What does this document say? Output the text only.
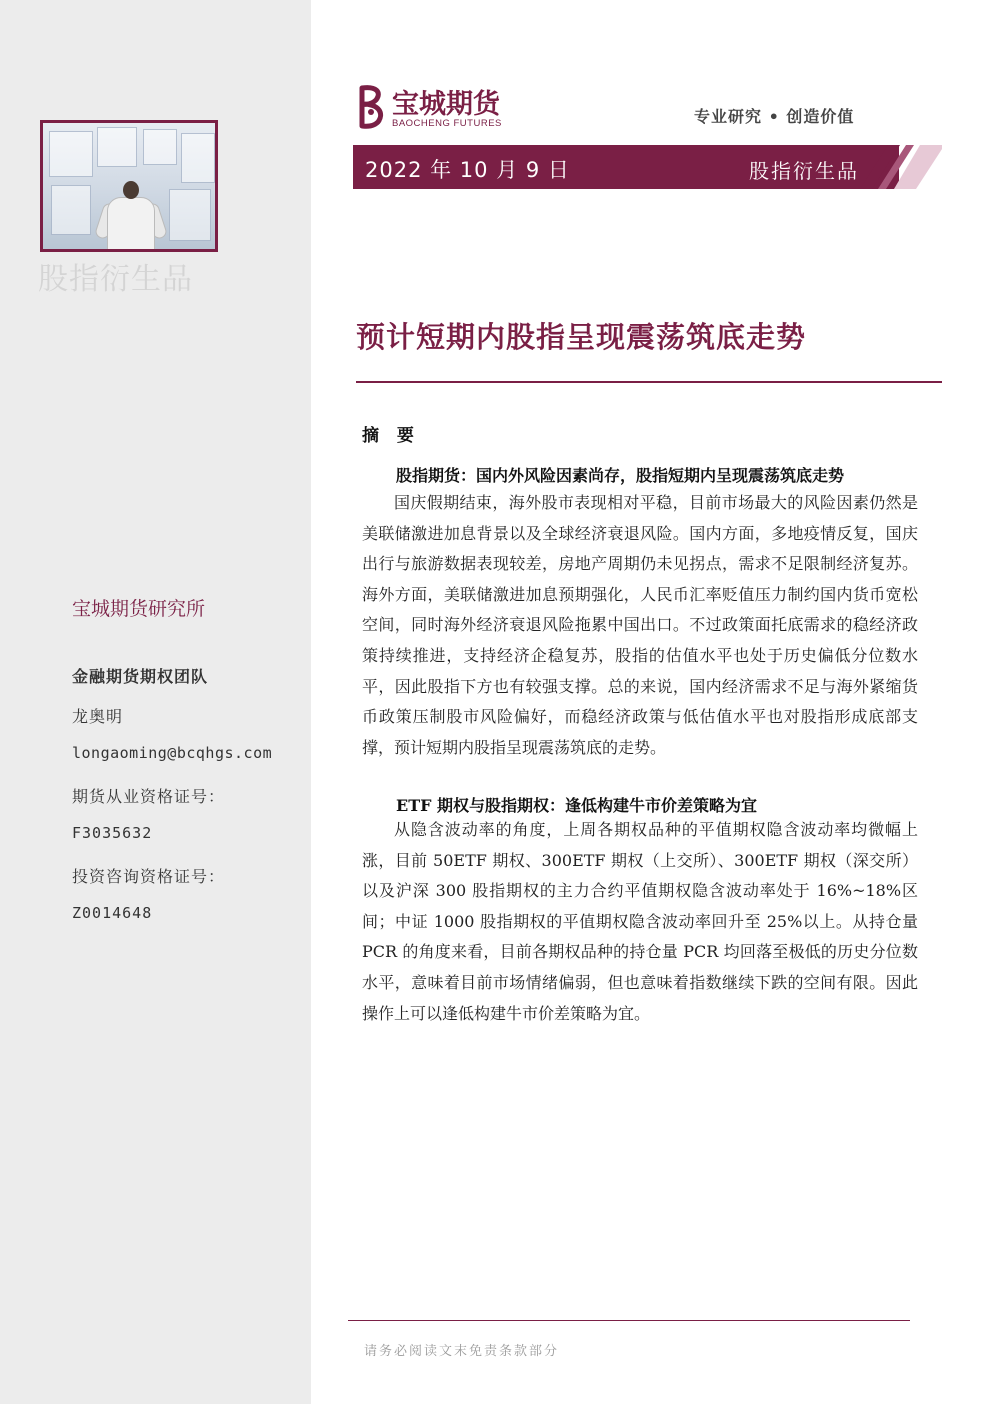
股指衍生品
宝城期货研究所
金融期货期权团队
龙奥明
longaoming@bcqhgs.com
期货从业资格证号：
F3035632
投资咨询资格证号：
Z0014648
宝城期货
BAOCHENG FUTURES	专业研究 • 创造价值
2022 年 10 月 9 日	股指衍生品
预计短期内股指呈现震荡筑底走势
摘 要
股指期货：国内外风险因素尚存，股指短期内呈现震荡筑底走势
国庆假期结束，海外股市表现相对平稳，目前市场最大的风险因素仍然是美联储激进加息背景以及全球经济衰退风险。国内方面，多地疫情反复，国庆出行与旅游数据表现较差，房地产周期仍未见拐点，需求不足限制经济复苏。海外方面，美联储激进加息预期强化，人民币汇率贬值压力制约国内货币宽松空间，同时海外经济衰退风险拖累中国出口。不过政策面托底需求的稳经济政策持续推进，支持经济企稳复苏，股指的估值水平也处于历史偏低分位数水平，因此股指下方也有较强支撑。总的来说，国内经济需求不足与海外紧缩货币政策压制股市风险偏好，而稳经济政策与低估值水平也对股指形成底部支撑，预计短期内股指呈现震荡筑底的走势。
ETF 期权与股指期权：逢低构建牛市价差策略为宜
从隐含波动率的角度，上周各期权品种的平值期权隐含波动率均微幅上涨，目前 50ETF 期权、300ETF 期权（上交所）、300ETF 期权（深交所）以及沪深 300 股指期权的主力合约平值期权隐含波动率处于 16%~18%区间；中证 1000 股指期权的平值期权隐含波动率回升至 25%以上。从持仓量 PCR 的角度来看，目前各期权品种的持仓量 PCR 均回落至极低的历史分位数水平，意味着目前市场情绪偏弱，但也意味着指数继续下跌的空间有限。因此操作上可以逢低构建牛市价差策略为宜。
请务必阅读文末免责条款部分
